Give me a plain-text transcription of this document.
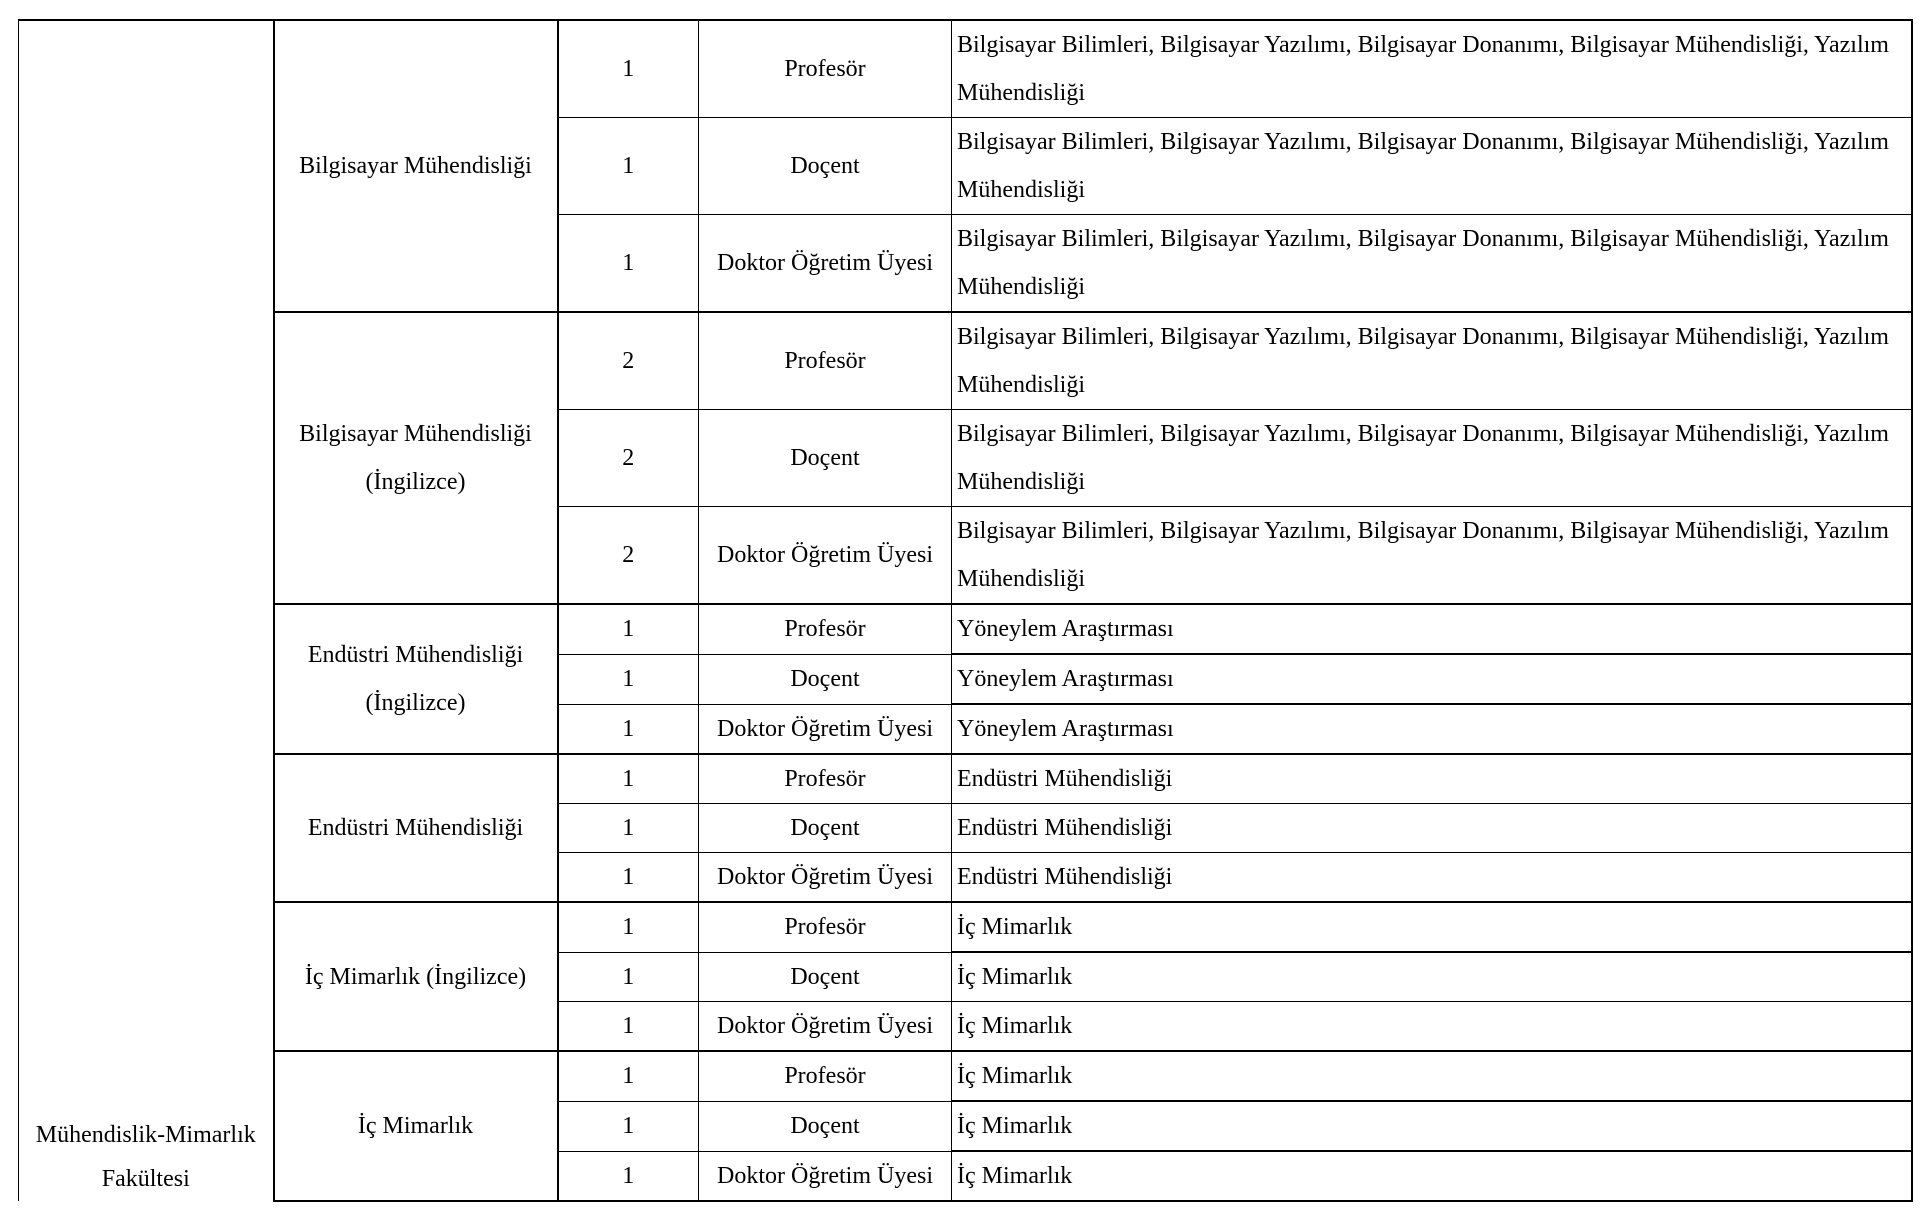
Mühendislik-Mimarlık Fakültesi	Bilgisayar Mühendisliği	1	Profesör	Bilgisayar Bilimleri, Bilgisayar Yazılımı, Bilgisayar Donanımı, Bilgisayar Mühendisliği, Yazılım Mühendisliği
		1	Doçent	Bilgisayar Bilimleri, Bilgisayar Yazılımı, Bilgisayar Donanımı, Bilgisayar Mühendisliği, Yazılım Mühendisliği
		1	Doktor Öğretim Üyesi	Bilgisayar Bilimleri, Bilgisayar Yazılımı, Bilgisayar Donanımı, Bilgisayar Mühendisliği, Yazılım Mühendisliği
	Bilgisayar Mühendisliği (İngilizce)	2	Profesör	Bilgisayar Bilimleri, Bilgisayar Yazılımı, Bilgisayar Donanımı, Bilgisayar Mühendisliği, Yazılım Mühendisliği
		2	Doçent	Bilgisayar Bilimleri, Bilgisayar Yazılımı, Bilgisayar Donanımı, Bilgisayar Mühendisliği, Yazılım Mühendisliği
		2	Doktor Öğretim Üyesi	Bilgisayar Bilimleri, Bilgisayar Yazılımı, Bilgisayar Donanımı, Bilgisayar Mühendisliği, Yazılım Mühendisliği
	Endüstri Mühendisliği (İngilizce)	1	Profesör	Yöneylem Araştırması
		1	Doçent	Yöneylem Araştırması
		1	Doktor Öğretim Üyesi	Yöneylem Araştırması
	Endüstri Mühendisliği	1	Profesör	Endüstri Mühendisliği
		1	Doçent	Endüstri Mühendisliği
		1	Doktor Öğretim Üyesi	Endüstri Mühendisliği
	İç Mimarlık (İngilizce)	1	Profesör	İç Mimarlık
		1	Doçent	İç Mimarlık
		1	Doktor Öğretim Üyesi	İç Mimarlık
	İç Mimarlık	1	Profesör	İç Mimarlık
		1	Doçent	İç Mimarlık
		1	Doktor Öğretim Üyesi	İç Mimarlık
